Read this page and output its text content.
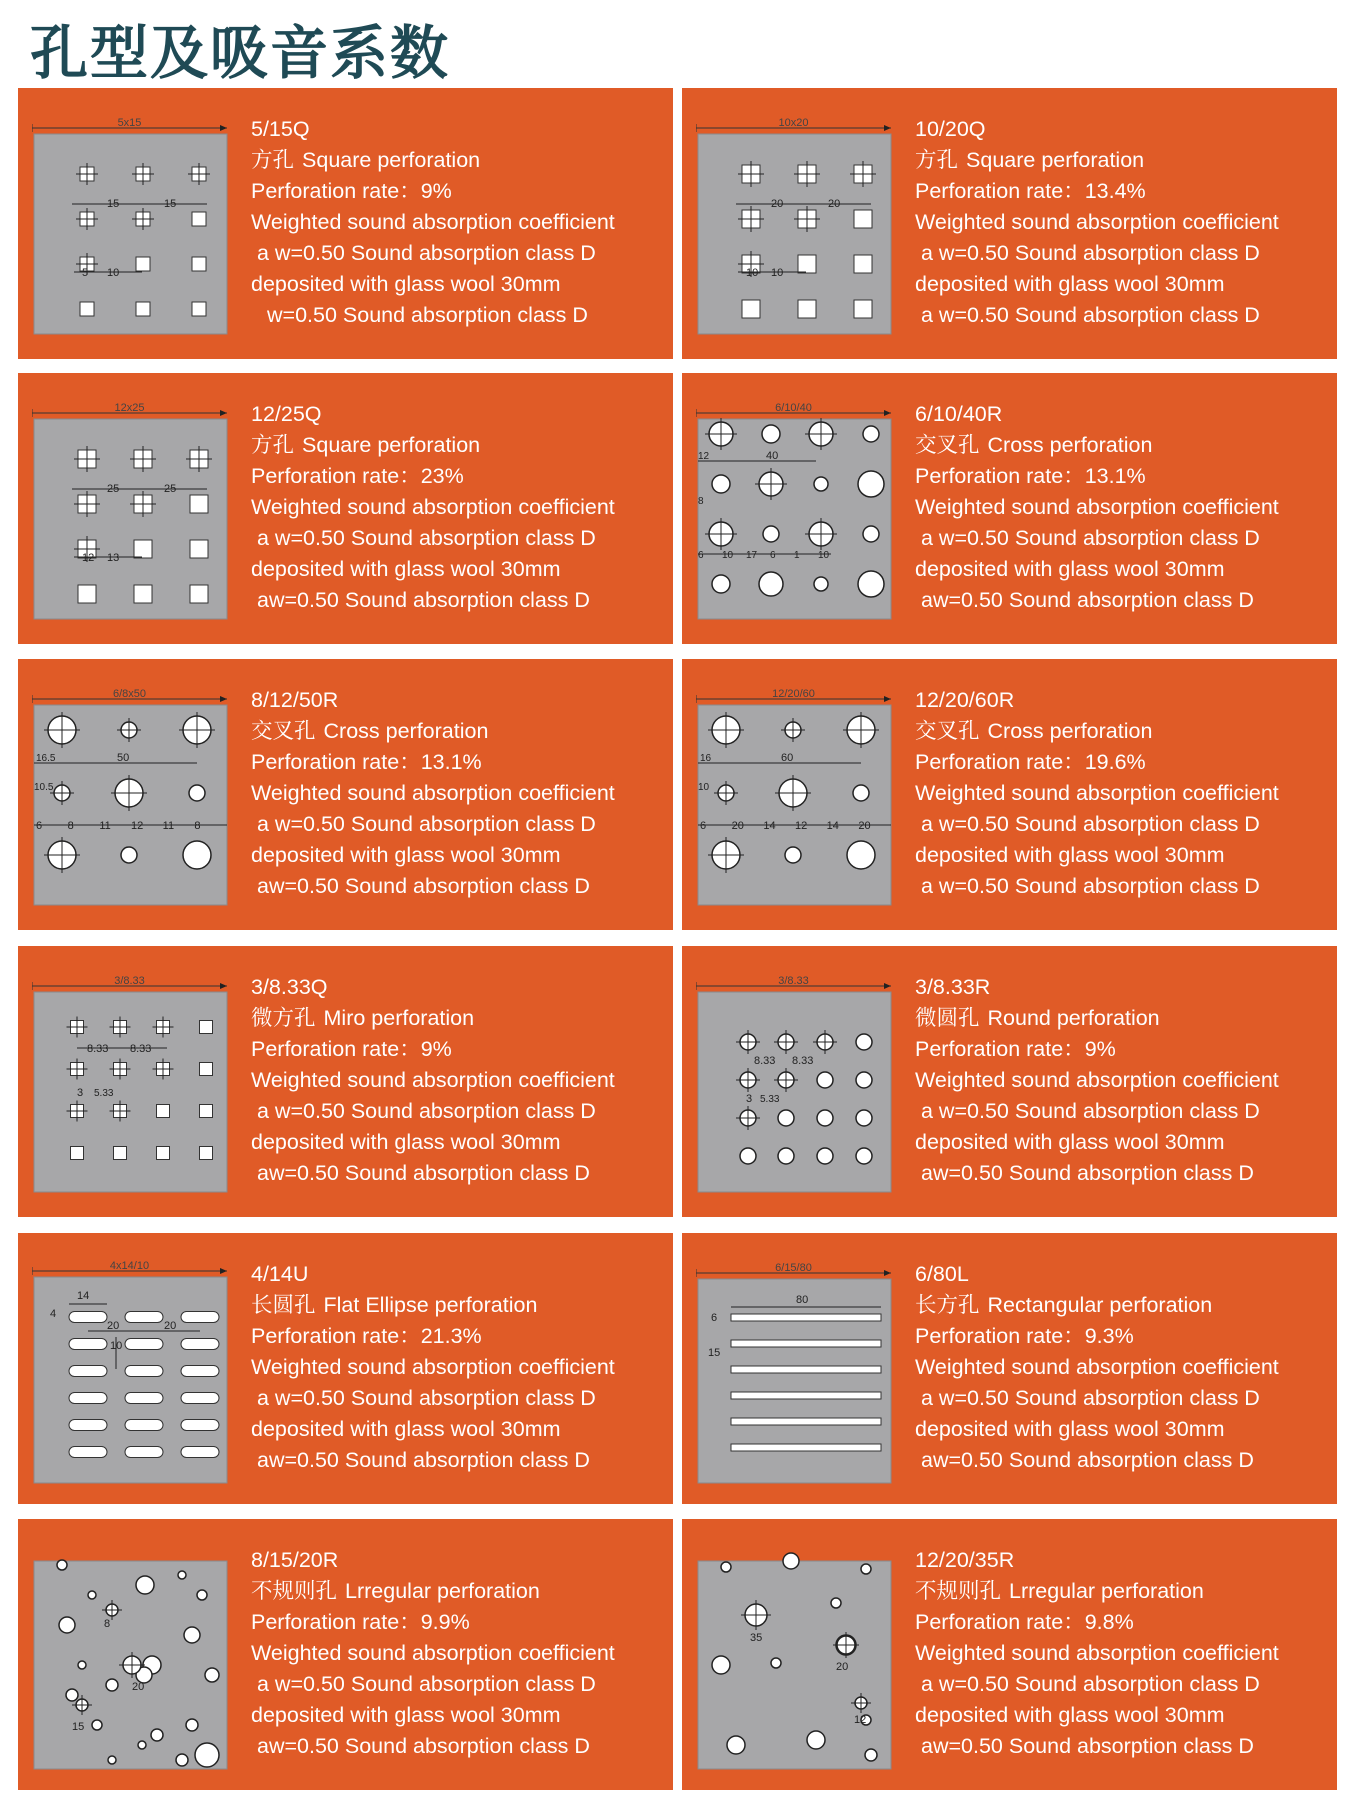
孔型及吸音系数
5x15
15	15
5 10
5/15Q
方孔 Square perforation
Perforation rate：9%
Weighted sound absorption coefficient
a w=0.50 Sound absorption class D
deposited with glass wool 30mm
w=0.50 Sound absorption class D
10x20
20	20
10 10
10/20Q
方孔 Square perforation
Perforation rate：13.4%
Weighted sound absorption coefficient
a w=0.50 Sound absorption class D
deposited with glass wool 30mm
a w=0.50 Sound absorption class D
12x25
25	25
12 13
12/25Q
方孔 Square perforation
Perforation rate：23%
Weighted sound absorption coefficient
a w=0.50 Sound absorption class D
deposited with glass wool 30mm
aw=0.50 Sound absorption class D
6/10/40
12	40
8
6 10 17 6 1 10
6/10/40R
交叉孔 Cross perforation
Perforation rate：13.1%
Weighted sound absorption coefficient
a w=0.50 Sound absorption class D
deposited with glass wool 30mm
aw=0.50 Sound absorption class D
6/8x50
16.5	50
10.5
6 8 11 12 11 8
8/12/50R
交叉孔 Cross perforation
Perforation rate：13.1%
Weighted sound absorption coefficient
a w=0.50 Sound absorption class D
deposited with glass wool 30mm
aw=0.50 Sound absorption class D
12/20/60
16	60
10
6 20 14 12 14 20
12/20/60R
交叉孔 Cross perforation
Perforation rate：19.6%
Weighted sound absorption coefficient
a w=0.50 Sound absorption class D
deposited with glass wool 30mm
a w=0.50 Sound absorption class D
3/8.33
8.33 8.33
3 5.33
3/8.33Q
微方孔 Miro perforation
Perforation rate：9%
Weighted sound absorption coefficient
a w=0.50 Sound absorption class D
deposited with glass wool 30mm
aw=0.50 Sound absorption class D
3/8.33
8.33 8.33
3 5.33
3/8.33R
微圆孔 Round perforation
Perforation rate：9%
Weighted sound absorption coefficient
a w=0.50 Sound absorption class D
deposited with glass wool 30mm
aw=0.50 Sound absorption class D
4x14/10
14
4
20	20
10
4/14U
长圆孔 Flat Ellipse perforation
Perforation rate：21.3%
Weighted sound absorption coefficient
a w=0.50 Sound absorption class D
deposited with glass wool 30mm
aw=0.50 Sound absorption class D
6/15/80
80
6
15
6/80L
长方孔 Rectangular perforation
Perforation rate：9.3%
Weighted sound absorption coefficient
a w=0.50 Sound absorption class D
deposited with glass wool 30mm
aw=0.50 Sound absorption class D
8
20
15
8/15/20R
不规则孔 Lrregular perforation
Perforation rate：9.9%
Weighted sound absorption coefficient
a w=0.50 Sound absorption class D
deposited with glass wool 30mm
aw=0.50 Sound absorption class D
35
20
12
12/20/35R
不规则孔 Lrregular perforation
Perforation rate：9.8%
Weighted sound absorption coefficient
a w=0.50 Sound absorption class D
deposited with glass wool 30mm
aw=0.50 Sound absorption class D
